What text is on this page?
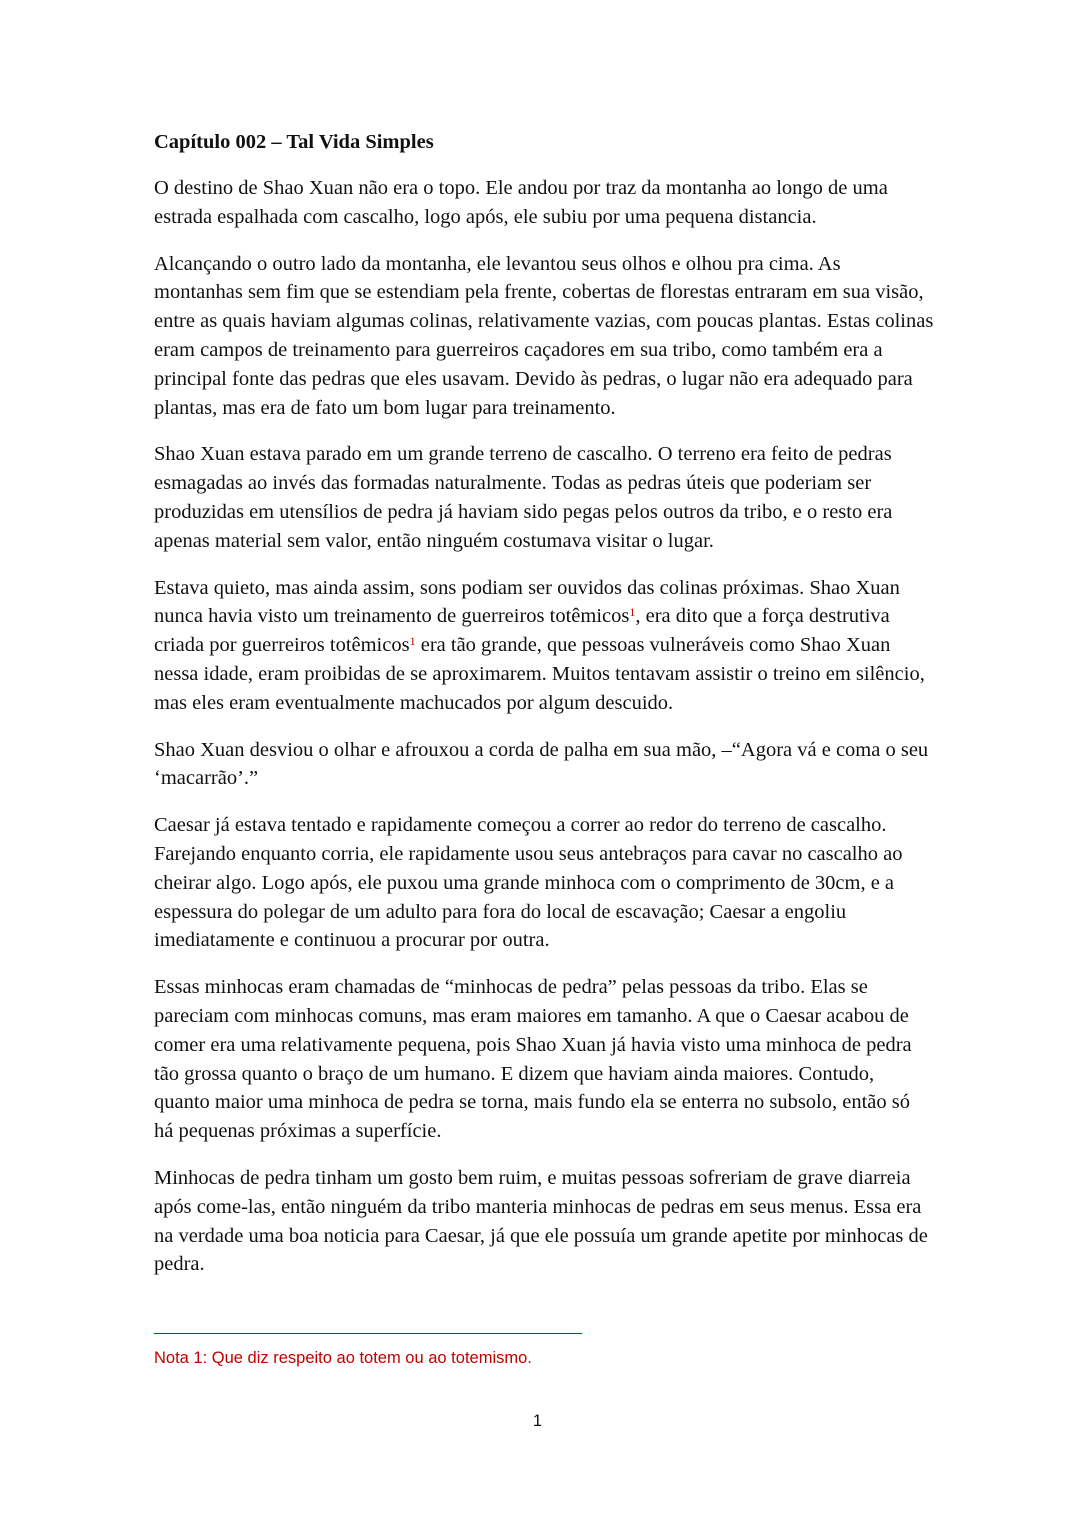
Capítulo 002 – Tal Vida Simples

O destino de Shao Xuan não era o topo. Ele andou por traz da montanha ao longo de uma estrada espalhada com cascalho, logo após, ele subiu por uma pequena distancia.

Alcançando o outro lado da montanha, ele levantou seus olhos e olhou pra cima. As montanhas sem fim que se estendiam pela frente, cobertas de florestas entraram em sua visão, entre as quais haviam algumas colinas, relativamente vazias, com poucas plantas. Estas colinas eram campos de treinamento para guerreiros caçadores em sua tribo, como também era a principal fonte das pedras que eles usavam. Devido às pedras, o lugar não era adequado para plantas, mas era de fato um bom lugar para treinamento.

Shao Xuan estava parado em um grande terreno de cascalho. O terreno era feito de pedras esmagadas ao invés das formadas naturalmente. Todas as pedras úteis que poderiam ser produzidas em utensílios de pedra já haviam sido pegas pelos outros da tribo, e o resto era apenas material sem valor, então ninguém costumava visitar o lugar.

Estava quieto, mas ainda assim, sons podiam ser ouvidos das colinas próximas. Shao Xuan nunca havia visto um treinamento de guerreiros totêmicos$^1$, era dito que a força destrutiva criada por guerreiros totêmicos$^1$ era tão grande, que pessoas vulneráveis como Shao Xuan nessa idade, eram proibidas de se aproximarem. Muitos tentavam assistir o treino em silêncio, mas eles eram eventualmente machucados por algum descuido.

Shao Xuan desviou o olhar e afrouxou a corda de palha em sua mão, –“Agora vá e coma o seu ‘macarrão’.”

Caesar já estava tentado e rapidamente começou a correr ao redor do terreno de cascalho. Farejando enquanto corria, ele rapidamente usou seus antebraços para cavar no cascalho ao cheirar algo. Logo após, ele puxou uma grande minhoca com o comprimento de 30cm, e a espessura do polegar de um adulto para fora do local de escavação; Caesar a engoliu imediatamente e continuou a procurar por outra.

Essas minhocas eram chamadas de “minhocas de pedra” pelas pessoas da tribo. Elas se pareciam com minhocas comuns, mas eram maiores em tamanho. A que o Caesar acabou de comer era uma relativamente pequena, pois Shao Xuan já havia visto uma minhoca de pedra tão grossa quanto o braço de um humano. E dizem que haviam ainda maiores. Contudo, quanto maior uma minhoca de pedra se torna, mais fundo ela se enterra no subsolo, então só há pequenas próximas a superfície.

Minhocas de pedra tinham um gosto bem ruim, e muitas pessoas sofreriam de grave diarreia após come-las, então ninguém da tribo manteria minhocas de pedras em seus menus. Essa era na verdade uma boa noticia para Caesar, já que ele possuía um grande apetite por minhocas de pedra.

Nota 1: Que diz respeito ao totem ou ao totemismo.
1
